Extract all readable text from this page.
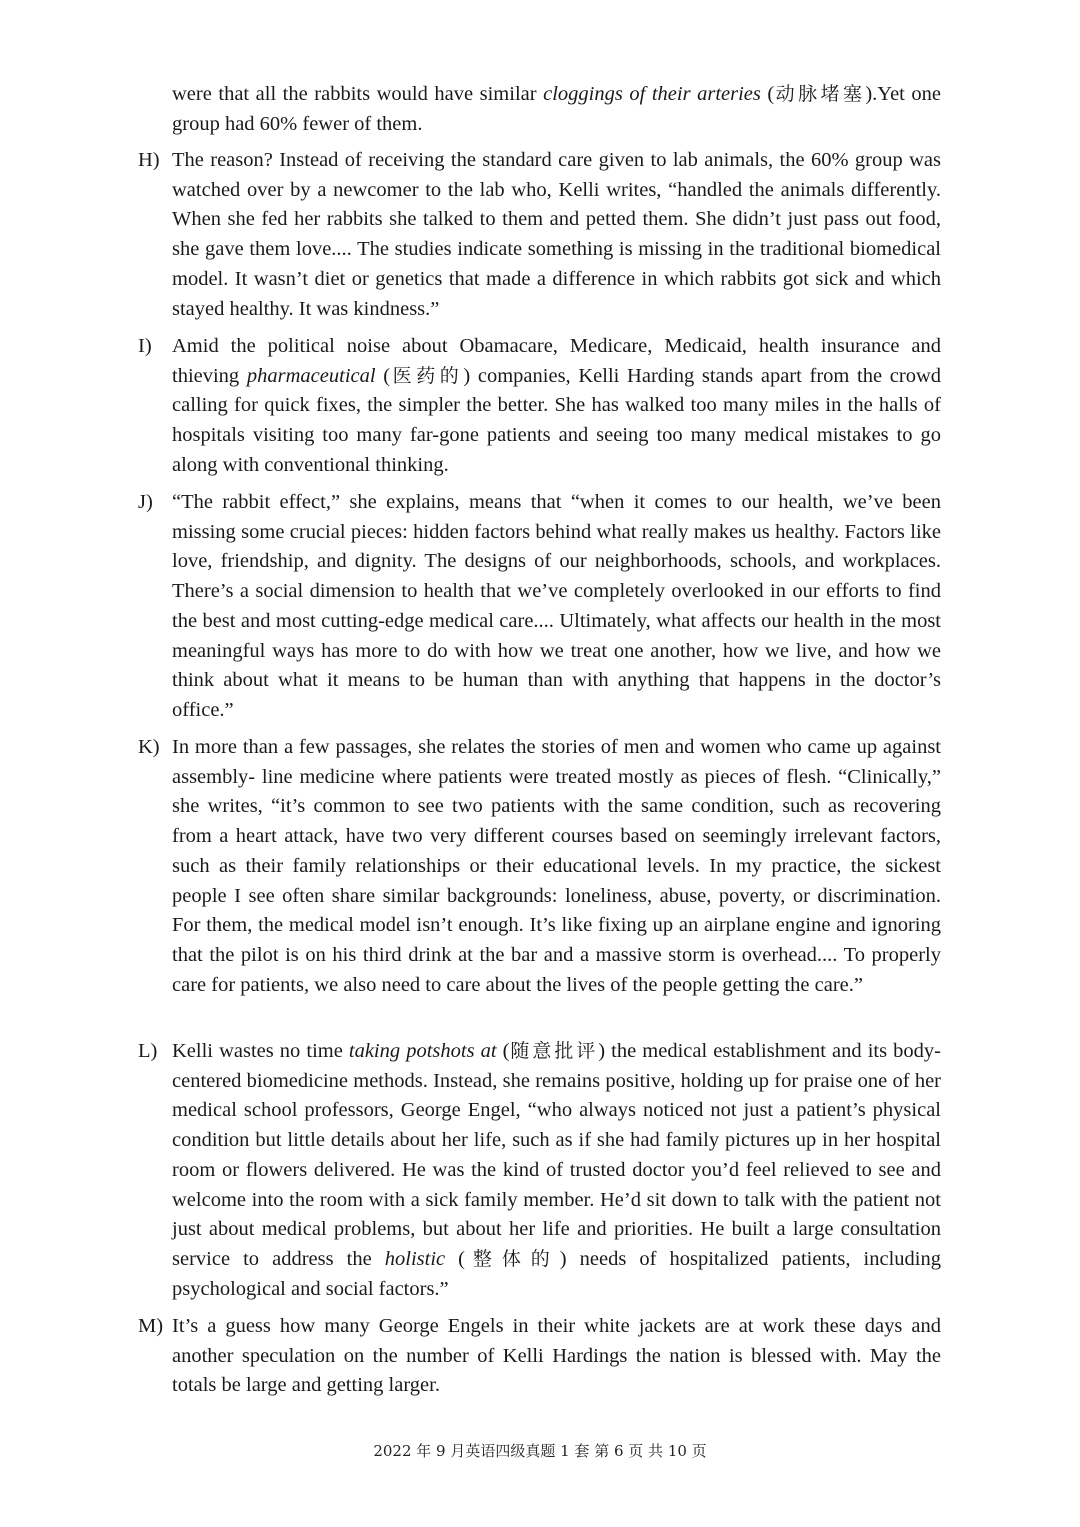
were that all the rabbits would have similar cloggings of their arteries (动脉堵塞).Yet one group had 60% fewer of them.
H) The reason? Instead of receiving the standard care given to lab animals, the 60% group was watched over by a newcomer to the lab who, Kelli writes, “handled the animals differently. When she fed her rabbits she talked to them and petted them. She didn’t just pass out food, she gave them love.... The studies indicate something is missing in the traditional biomedical model. It wasn’t diet or genetics that made a difference in which rabbits got sick and which stayed healthy. It was kindness.”
I) Amid the political noise about Obamacare, Medicare, Medicaid, health insurance and thieving pharmaceutical (医药的) companies, Kelli Harding stands apart from the crowd calling for quick fixes, the simpler the better. She has walked too many miles in the halls of hospitals visiting too many far-gone patients and seeing too many medical mistakes to go along with conventional thinking.
J) “The rabbit effect,” she explains, means that “when it comes to our health, we’ve been missing some crucial pieces: hidden factors behind what really makes us healthy. Factors like love, friendship, and dignity. The designs of our neighborhoods, schools, and workplaces. There’s a social dimension to health that we’ve completely overlooked in our efforts to find the best and most cutting-edge medical care.... Ultimately, what affects our health in the most meaningful ways has more to do with how we treat one another, how we live, and how we think about what it means to be human than with anything that happens in the doctor’s office.”
K) In more than a few passages, she relates the stories of men and women who came up against assembly- line medicine where patients were treated mostly as pieces of flesh. “Clinically,” she writes, “it’s common to see two patients with the same condition, such as recovering from a heart attack, have two very different courses based on seemingly irrelevant factors, such as their family relationships or their educational levels. In my practice, the sickest people I see often share similar backgrounds: loneliness, abuse, poverty, or discrimination. For them, the medical model isn’t enough. It’s like fixing up an airplane engine and ignoring that the pilot is on his third drink at the bar and a massive storm is overhead.... To properly care for patients, we also need to care about the lives of the people getting the care.”
L) Kelli wastes no time taking potshots at (随意批评) the medical establishment and its body-centered biomedicine methods. Instead, she remains positive, holding up for praise one of her medical school professors, George Engel, “who always noticed not just a patient’s physical condition but little details about her life, such as if she had family pictures up in her hospital room or flowers delivered. He was the kind of trusted doctor you’d feel relieved to see and welcome into the room with a sick family member. He’d sit down to talk with the patient not just about medical problems, but about her life and priorities. He built a large consultation service to address the holistic (整体的) needs of hospitalized patients, including psychological and social factors.”
M) It’s a guess how many George Engels in their white jackets are at work these days and another speculation on the number of Kelli Hardings the nation is blessed with. May the totals be large and getting larger.
2022 年 9 月英语四级真题 1 套 第 6 页 共 10 页
